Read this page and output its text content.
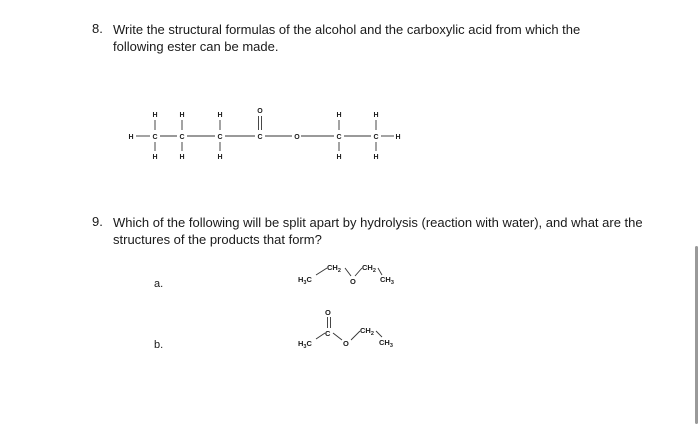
8. Write the structural formulas of the alcohol and the carboxylic acid from which the following ester can be made.
H	C	C	C	C	O	C	C H
H	H	H
O
H	H
H	H	H	H	H
$H_3C$
$CH_2$
O
$CH_2$
$CH_3$
$H_3C$
C
O
O
$CH_2$
$CH_3$
9. Which of the following will be split apart by hydrolysis (reaction with water), and what are the structures of the products that form?
a.
b.
